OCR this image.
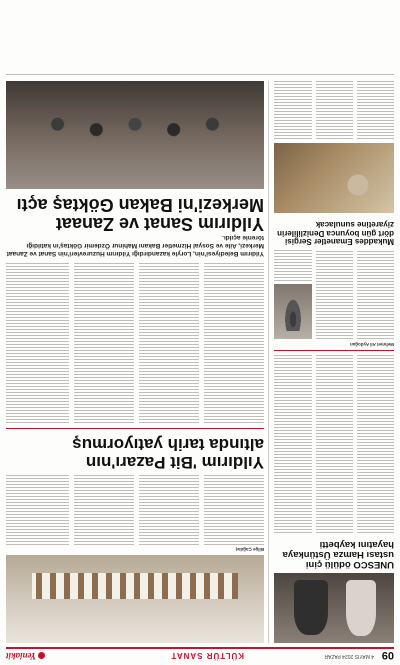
09
4 MAYIS 2024 PAZAR
KÜLTÜR SANAT
Yeniakit
UNESCO ödülü çini
ustası Hamza Üstünkaya
hayatını kaybetti
Mehmet Ali Aydoğan
Mukaddes Emanetler Sergisi
dört gün boyunca Denizlililerin
ziyaretine sunulacak
Bilge Çağdaş
Yıldırım 'Bit Pazarı'nın
altında tarih yatıyormuş

Yıldırım Belediyesi'nin, Loryle kazandırdığı Yıldırım Huzurevleri'nin Sanat ve Zanaat Merkezi, Aile ve Sosyal Hizmetler Bakanı Mahinur Özdemir Göktaş'ın katıldığı törenle açıldı.

Yıldırım Sanat ve Zanaat
Merkezi'ni Bakan Göktaş açtı
